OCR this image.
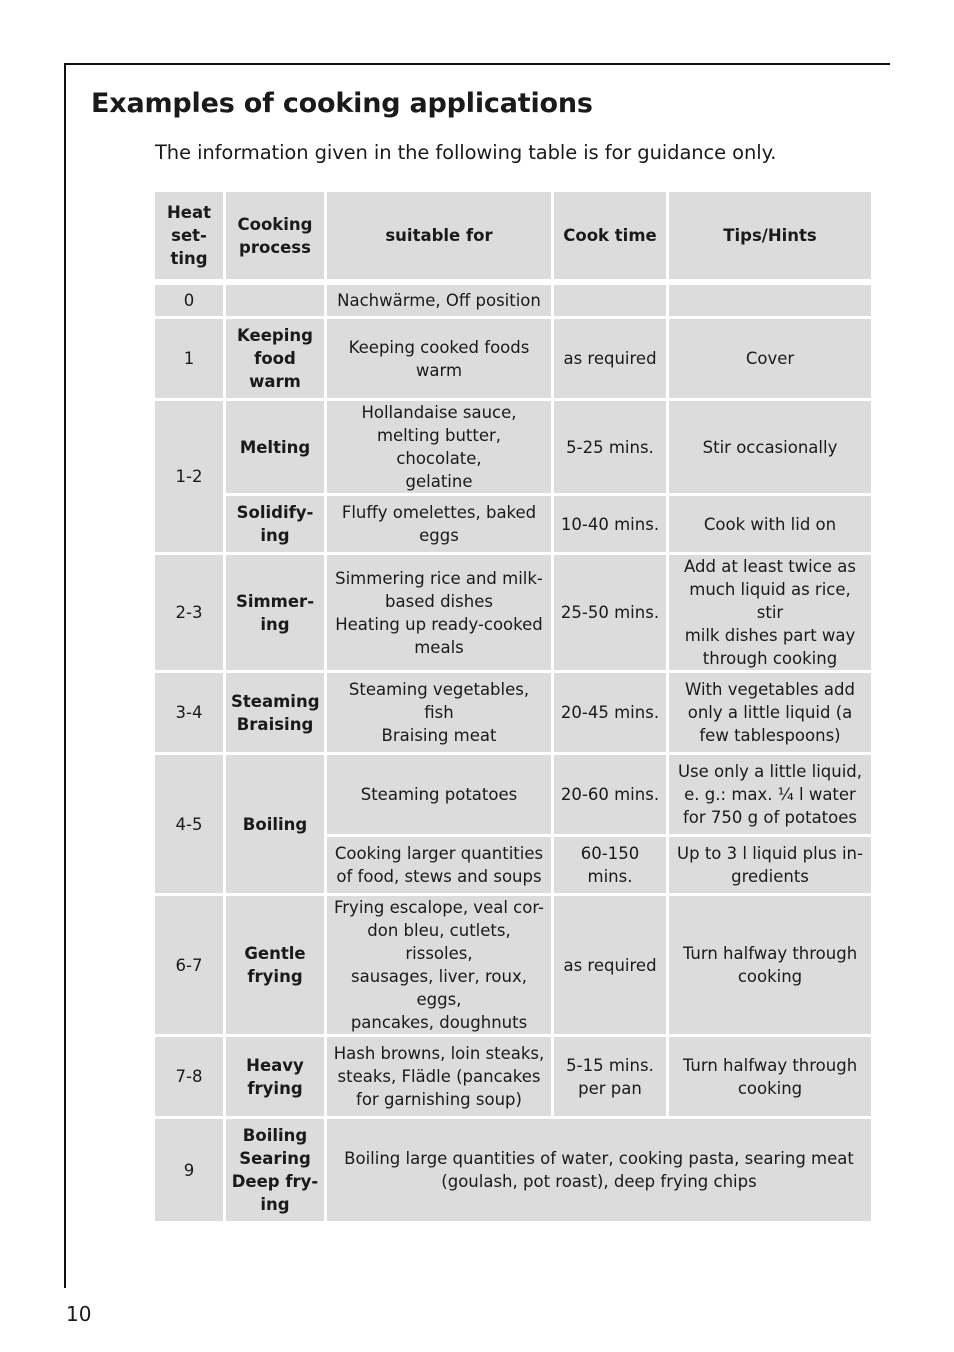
Examples of cooking applications

The information given in the following table is for guidance only.

Heat
set-
ting	Cooking
process	suitable for	Cook time	Tips/Hints

0		Nachwärme, Off position		
1	Keeping
food
warm	Keeping cooked foods
warm	as required	Cover
1-2	Melting	Hollandaise sauce,
melting butter, chocolate,
gelatine	5-25 mins.	Stir occasionally
	Solidify-
ing	Fluffy omelettes, baked
eggs	10-40 mins.	Cook with lid on
2-3	Simmer-
ing	Simmering rice and milk-
based dishes
Heating up ready-cooked
meals	25-50 mins.	Add at least twice as
much liquid as rice, stir
milk dishes part way
through cooking
3-4	Steaming
Braising	Steaming vegetables, fish
Braising meat	20-45 mins.	With vegetables add
only a little liquid (a
few tablespoons)
4-5	Boiling	Steaming potatoes	20-60 mins.	Use only a little liquid,
e. g.: max. ¼ l water
for 750 g of potatoes
		Cooking larger quantities
of food, stews and soups	60-150
mins.	Up to 3 l liquid plus in-
gredients
6-7	Gentle
frying	Frying escalope, veal cor-
don bleu, cutlets, rissoles,
sausages, liver, roux, eggs,
pancakes, doughnuts	as required	Turn halfway through
cooking
7-8	Heavy
frying	Hash browns, loin steaks,
steaks, Flädle (pancakes
for garnishing soup)	5-15 mins.
per pan	Turn halfway through
cooking
9	Boiling
Searing
Deep fry-
ing	Boiling large quantities of water, cooking pasta, searing meat
(goulash, pot roast), deep frying chips		
10
